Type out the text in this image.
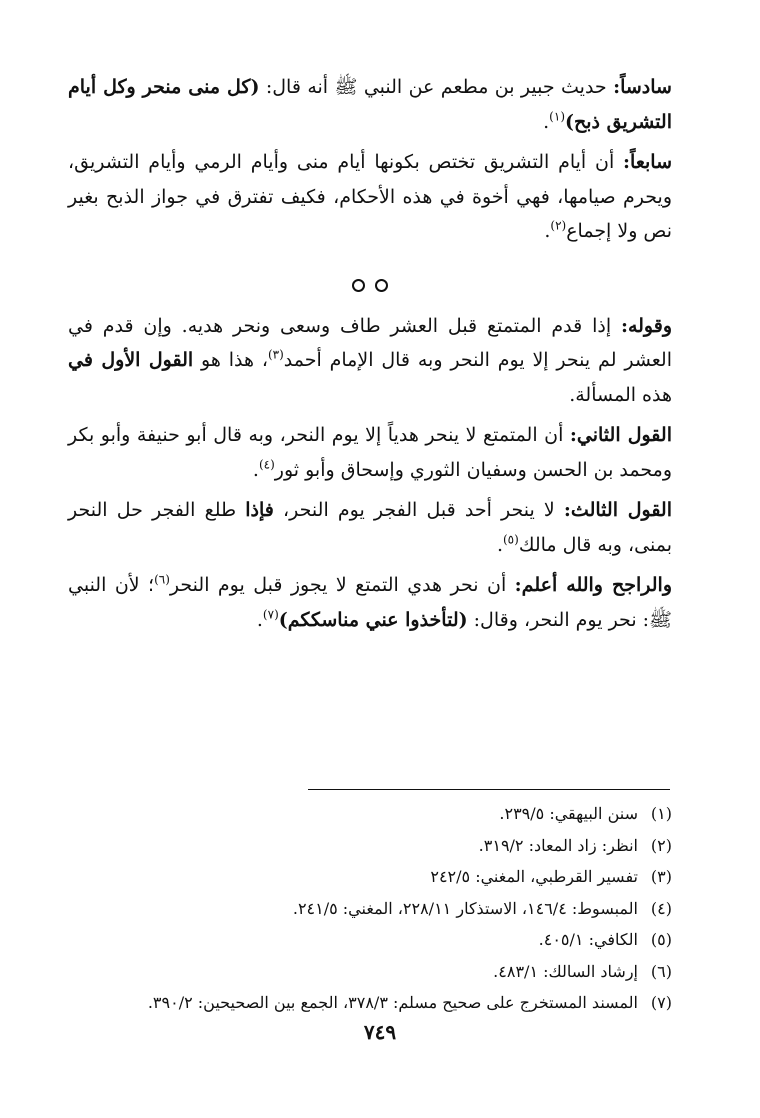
سادساً: حديث جبير بن مطعم عن النبي ﷺ أنه قال: (كل منى منحر وكل أيام التشريق ذبح)$^{(١)}$.

سابعاً: أن أيام التشريق تختص بكونها أيام منى وأيام الرمي وأيام التشريق، ويحرم صيامها، فهي أخوة في هذه الأحكام، فكيف تفترق في جواز الذبح بغير نص ولا إجماع$^{(٢)}$.

وقوله: إذا قدم المتمتع قبل العشر طاف وسعى ونحر هديه. وإن قدم في العشر لم ينحر إلا يوم النحر وبه قال الإمام أحمد$^{(٣)}$، هذا هو القول الأول في هذه المسألة.

القول الثاني: أن المتمتع لا ينحر هدياً إلا يوم النحر، وبه قال أبو حنيفة وأبو بكر ومحمد بن الحسن وسفيان الثوري وإسحاق وأبو ثور$^{(٤)}$.

القول الثالث: لا ينحر أحد قبل الفجر يوم النحر، فإذا طلع الفجر حل النحر بمنى، وبه قال مالك$^{(٥)}$.

والراجح والله أعلم: أن نحر هدي التمتع لا يجوز قبل يوم النحر$^{(٦)}$؛ لأن النبي ﷺ: نحر يوم النحر، وقال: (لتأخذوا عني مناسككم)$^{(٧)}$.

(١)سنن البيهقي: ٢٣٩/٥.
(٢)انظر: زاد المعاد: ٣١٩/٢.
(٣)تفسير القرطبي، المغني: ٢٤٢/٥
(٤)المبسوط: ١٤٦/٤، الاستذكار ٢٢٨/١١، المغني: ٢٤١/٥.
(٥)الكافي: ٤٠٥/١.
(٦)إرشاد السالك: ٤٨٣/١.
(٧)المسند المستخرج على صحيح مسلم: ٣٧٨/٣، الجمع بين الصحيحين: ٣٩٠/٢.
٧٤٩
